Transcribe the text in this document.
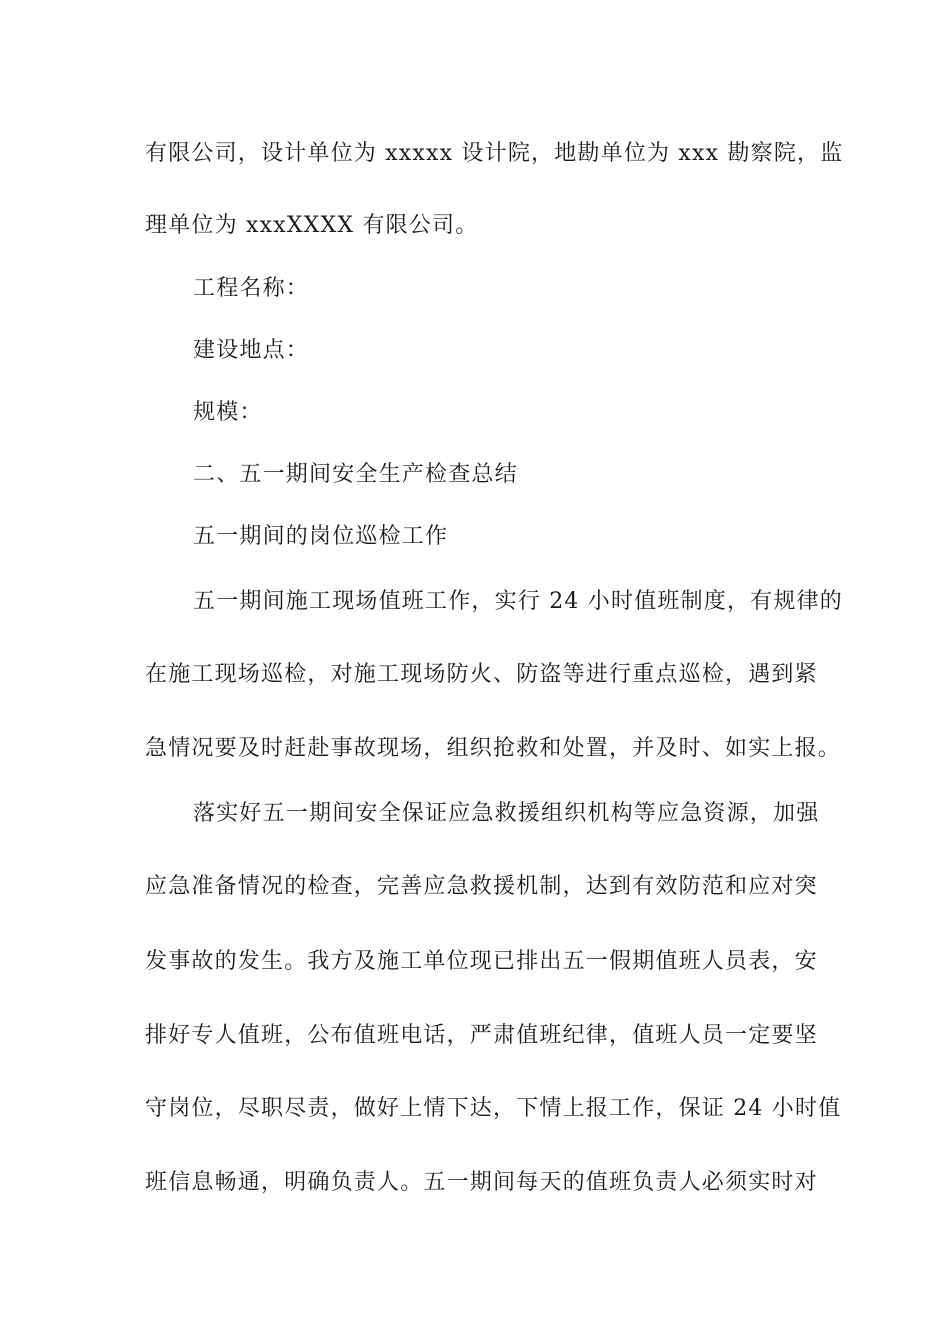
有限公司，设计单位为 xxxxx 设计院，地勘单位为 xxx 勘察院，监
理单位为 xxxXXXX 有限公司。
工程名称：
建设地点：
规模：
二、五一期间安全生产检查总结
五一期间的岗位巡检工作
五一期间施工现场值班工作，实行 24 小时值班制度，有规律的
在施工现场巡检，对施工现场防火、防盗等进行重点巡检，遇到紧
急情况要及时赶赴事故现场，组织抢救和处置，并及时、如实上报。
落实好五一期间安全保证应急救援组织机构等应急资源，加强
应急准备情况的检查，完善应急救援机制，达到有效防范和应对突
发事故的发生。我方及施工单位现已排出五一假期值班人员表，安
排好专人值班，公布值班电话，严肃值班纪律，值班人员一定要坚
守岗位，尽职尽责，做好上情下达，下情上报工作，保证 24 小时值
班信息畅通，明确负责人。五一期间每天的值班负责人必须实时对
